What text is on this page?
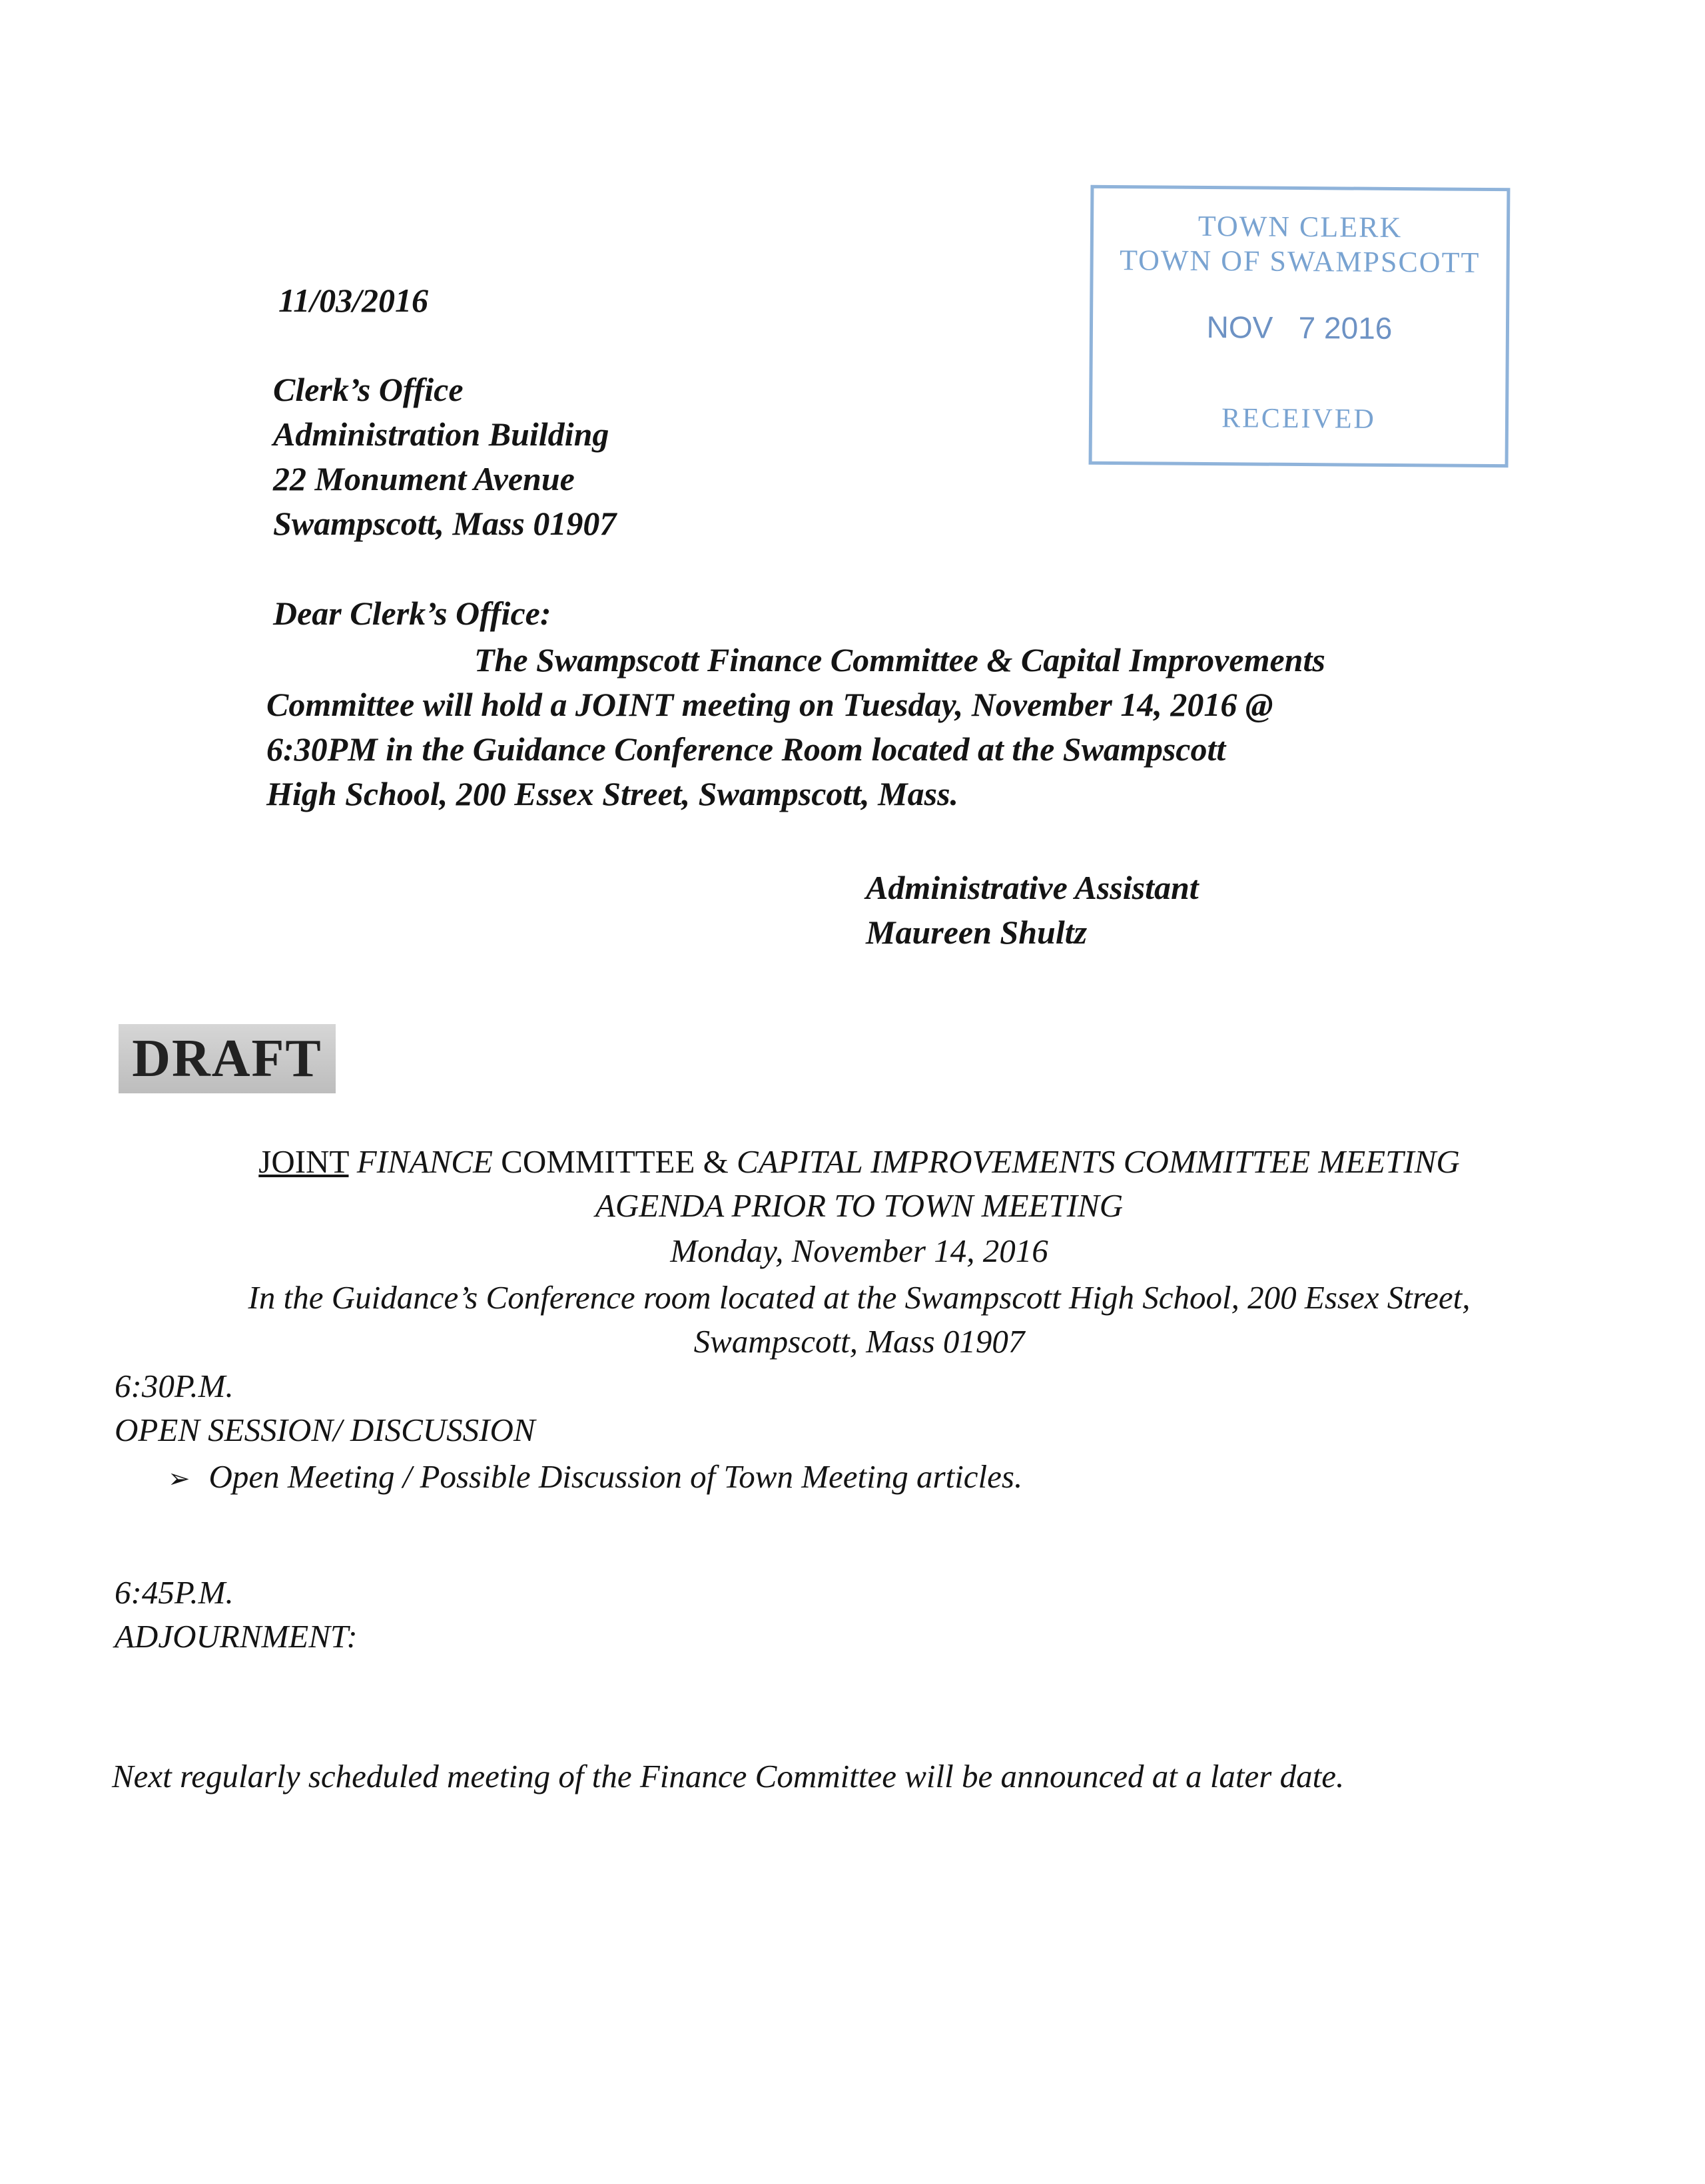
11/03/2016

Clerk’s Office
Administration Building
22 Monument Avenue
Swampscott, Mass 01907

Dear Clerk’s Office:

The Swampscott Finance Committee & Capital Improvements
Committee will hold a JOINT meeting on Tuesday, November 14, 2016 @
6:30PM in the Guidance Conference Room located at the Swampscott
High School, 200 Essex Street, Swampscott, Mass.
Administrative Assistant
Maureen Shultz
TOWN CLERK
TOWN OF SWAMPSCOTT
NOV   7 2016
RECEIVED
DRAFT
JOINT FINANCE COMMITTEE & CAPITAL IMPROVEMENTS COMMITTEE MEETING
AGENDA PRIOR TO TOWN MEETING
Monday, November 14, 2016
In the Guidance’s Conference room located at the Swampscott High School, 200 Essex Street,
Swampscott, Mass 01907
6:30P.M.
OPEN SESSION/ DISCUSSION
➢ Open Meeting / Possible Discussion of Town Meeting articles.
6:45P.M.
ADJOURNMENT:
Next regularly scheduled meeting of the Finance Committee will be announced at a later date.
